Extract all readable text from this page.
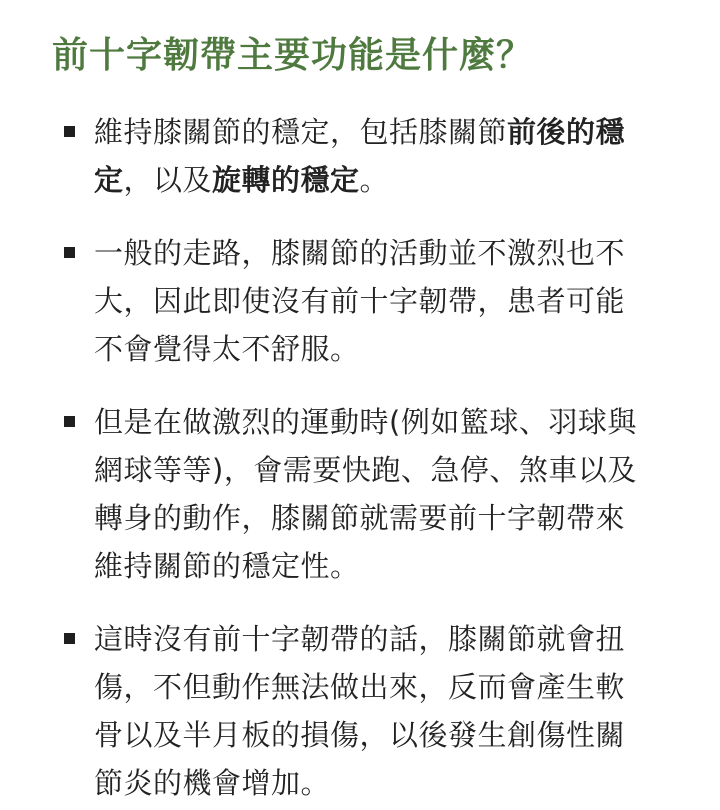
前十字韌帶主要功能是什麼？
維持膝關節的穩定，包括膝關節前後的穩定，以及旋轉的穩定。
一般的走路，膝關節的活動並不激烈也不大，因此即使沒有前十字韌帶，患者可能不會覺得太不舒服。
但是在做激烈的運動時(例如籃球、羽球與網球等等)，會需要快跑、急停、煞車以及轉身的動作，膝關節就需要前十字韌帶來維持關節的穩定性。
這時沒有前十字韌帶的話，膝關節就會扭傷，不但動作無法做出來，反而會產生軟骨以及半月板的損傷，以後發生創傷性關節炎的機會增加。
